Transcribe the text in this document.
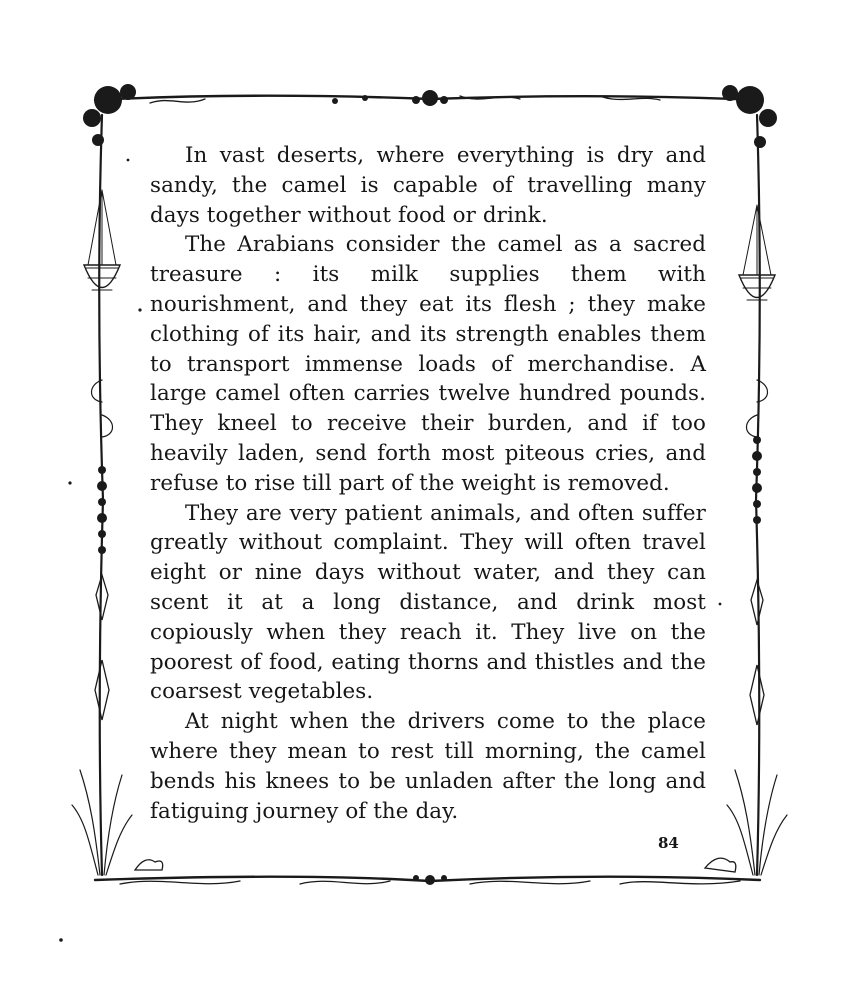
In vast deserts, where everything is dry and sandy, the camel is capable of travelling many days together without food or drink.

The Arabians consider the camel as a sacred treasure : its milk supplies them with nourishment, and they eat its flesh ; they make clothing of its hair, and its strength enables them to transport immense loads of merchandise. A large camel often carries twelve hundred pounds. They kneel to receive their burden, and if too heavily laden, send forth most piteous cries, and refuse to rise till part of the weight is removed.

They are very patient animals, and often suffer greatly without complaint. They will often travel eight or nine days without water, and they can scent it at a long distance, and drink most copiously when they reach it. They live on the poorest of food, eating thorns and thistles and the coarsest vegetables.

At night when the drivers come to the place where they mean to rest till morning, the camel bends his knees to be unladen after the long and fatiguing journey of the day.

84
